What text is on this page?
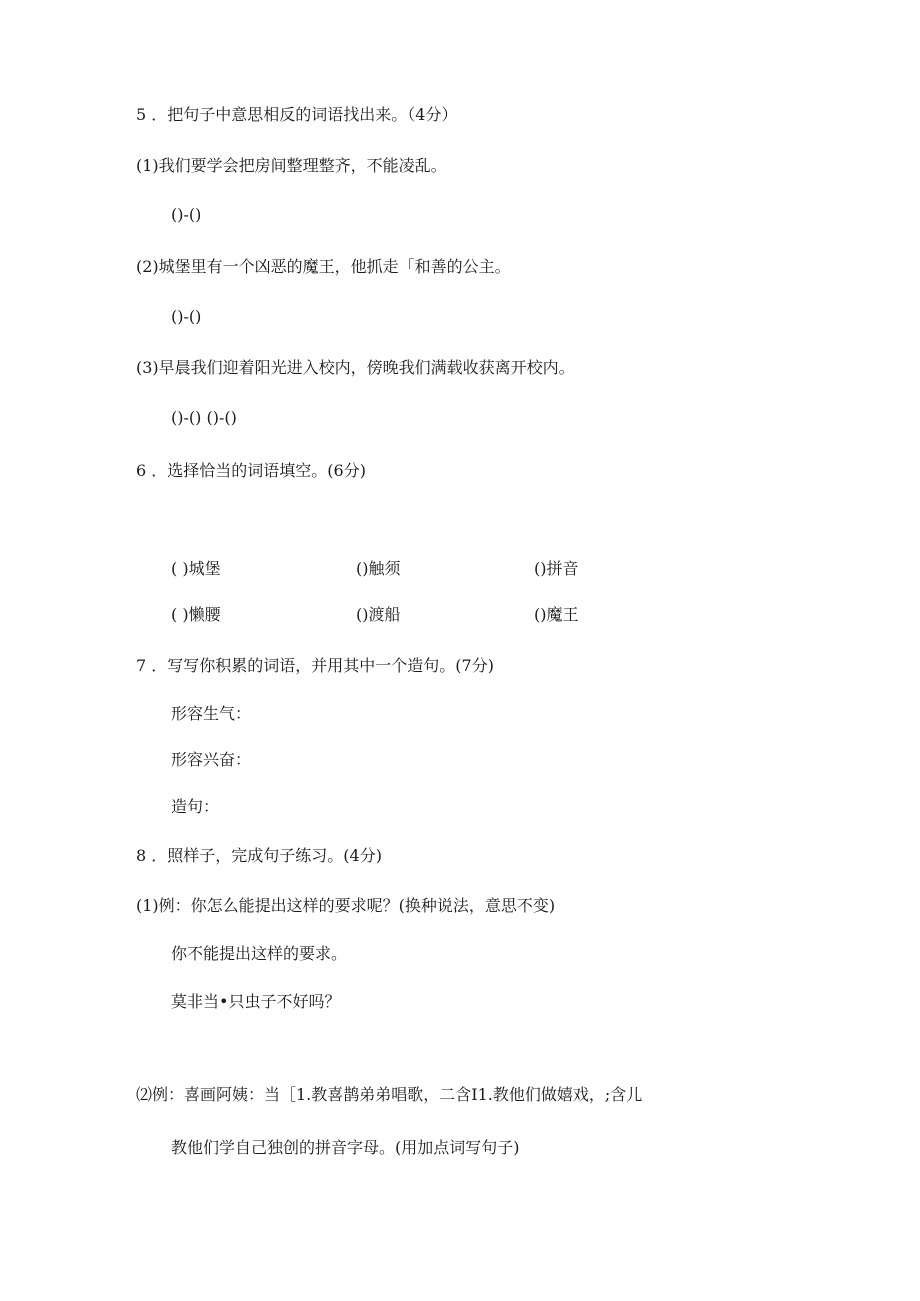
5 ．把句子中意思相反的词语找出来。（4分）
(1)我们要学会把房间整理整齐，不能凌乱。
()-()
(2)城堡里有一个凶恶的魔王，他抓走「和善的公主。
()-()
(3)早晨我们迎着阳光进入校内，傍晚我们满载收获离开校内。
()-() ()-()
6 ．选择恰当的词语填空。(6分)
( )城堡	()触须	()拼音
( )懒腰	()渡船	()魔王
7 ．写写你积累的词语，并用其中一个造句。(7分)
形容生气：
形容兴奋：
造句：
8 ．照样子，完成句子练习。(4分)
(1)例：你怎么能提出这样的要求呢？(换种说法，意思不变)
你不能提出这样的要求。
莫非当•只虫子不好吗？
⑵例：喜画阿姨：当［1.教喜鹊弟弟唱歌，二含I1.教他们做嬉戏，;含儿
教他们学自己独创的拼音字母。(用加点词写句子)
